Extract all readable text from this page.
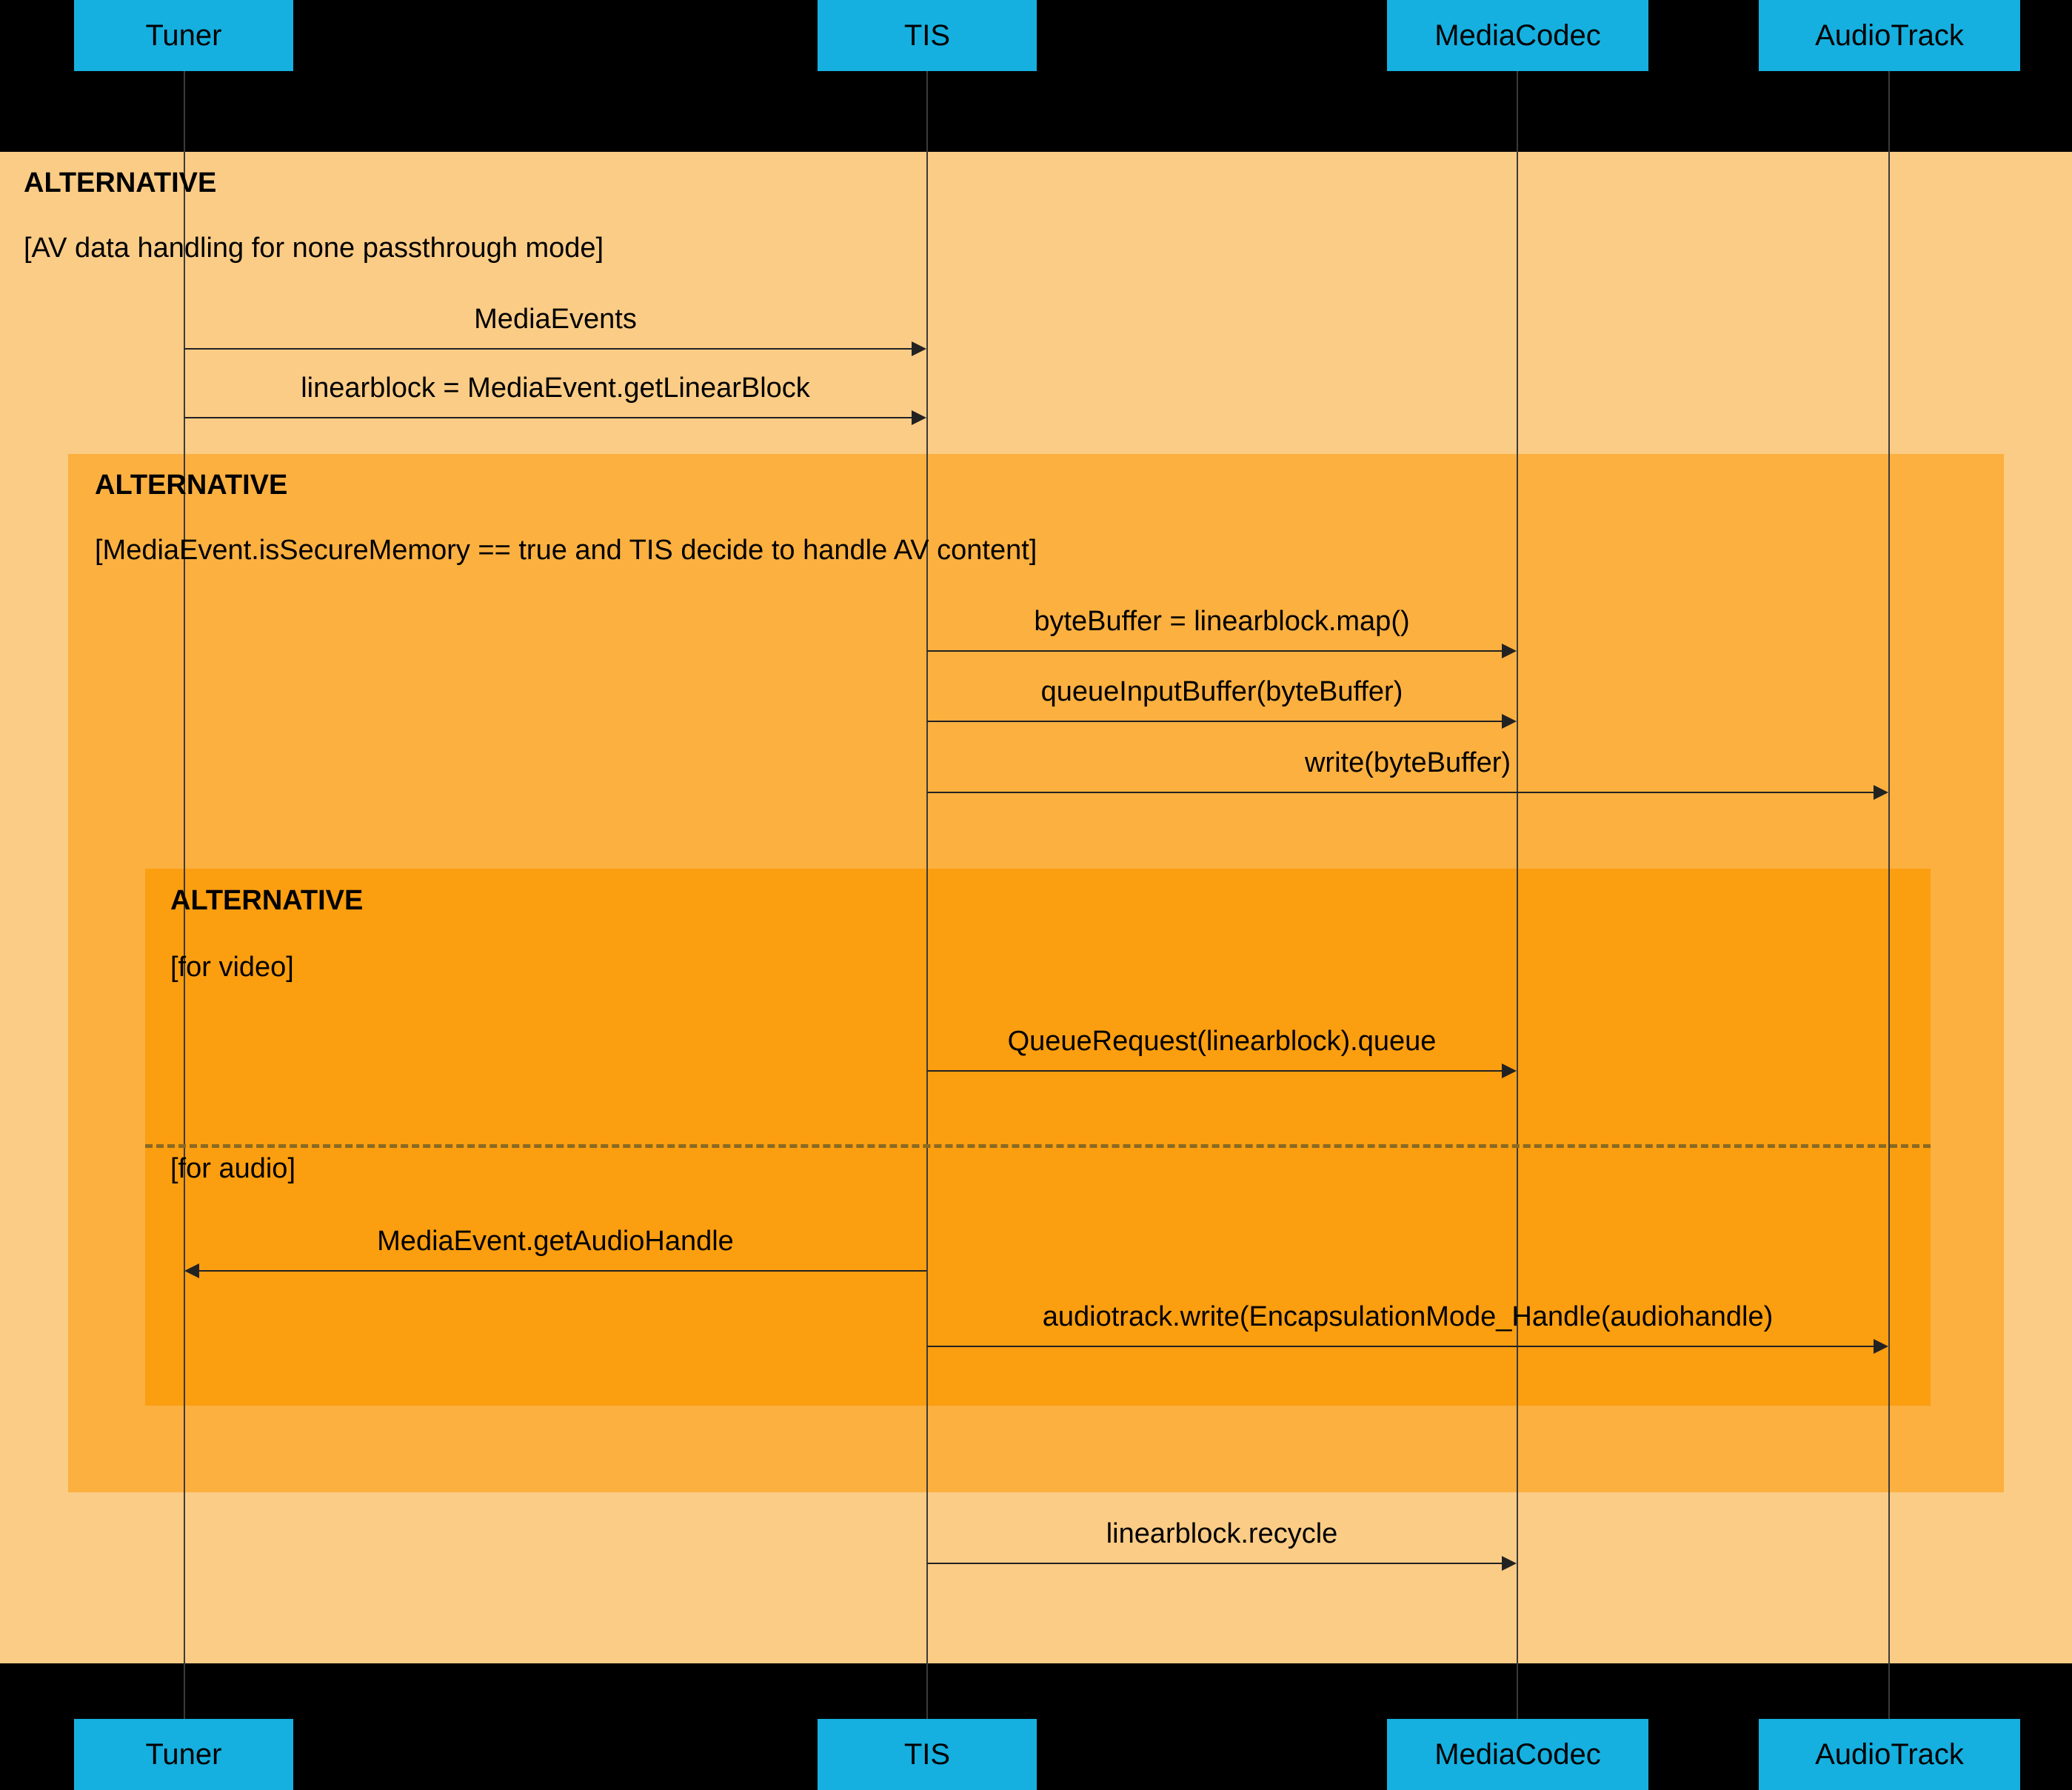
Tuner	TIS	MediaCodec	AudioTrack
Tuner	TIS	MediaCodec	AudioTrack
ALTERNATIVE
[AV data handling for none passthrough mode]
ALTERNATIVE
[MediaEvent.isSecureMemory == true and TIS decide to handle AV content]
ALTERNATIVE
[for video]
[for audio]
MediaEvents
linearblock = MediaEvent.getLinearBlock
byteBuffer = linearblock.map()
queueInputBuffer(byteBuffer)
write(byteBuffer)
QueueRequest(linearblock).queue
MediaEvent.getAudioHandle
audiotrack.write(EncapsulationMode_Handle(audiohandle)
linearblock.recycle
